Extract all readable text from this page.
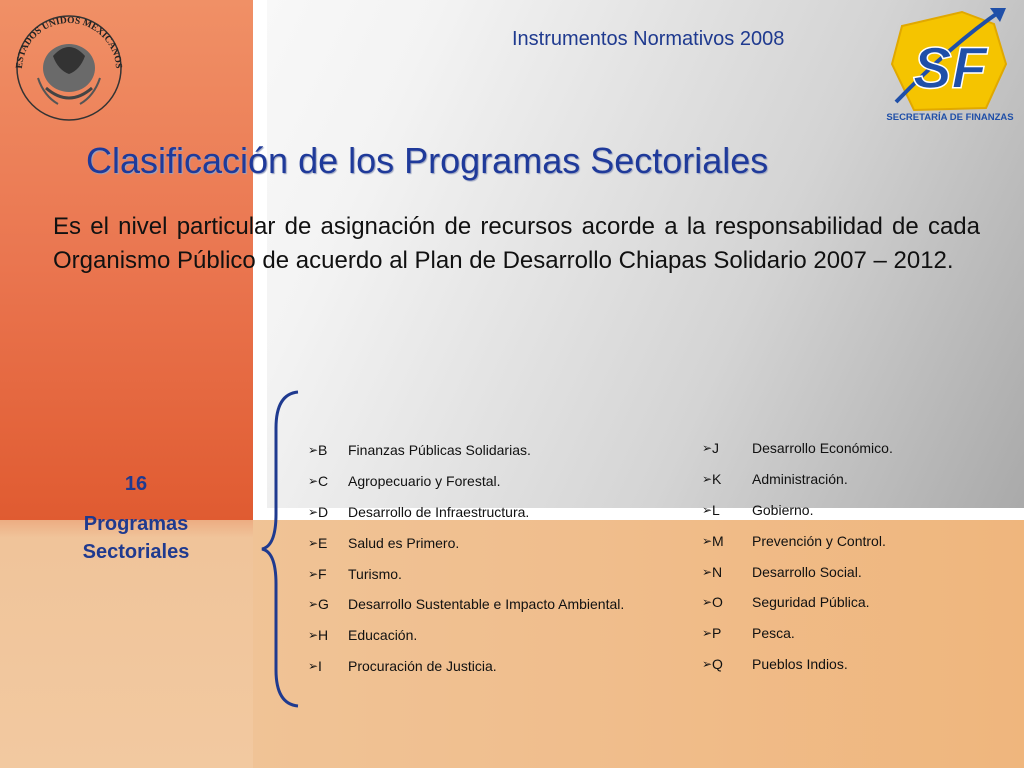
ESTADOS UNIDOS MEXICANOS
Instrumentos Normativos 2008 SF
SECRETARÍA DE FINANZAS
Clasificación de los Programas Sectoriales
Es el nivel particular de asignación de recursos acorde a la responsabilidad de cada Organismo Público de acuerdo al Plan de Desarrollo Chiapas Solidario 2007 – 2012.
16
Programas Sectoriales
➢ B	Finanzas Públicas Solidarias.
➢ C	Agropecuario y Forestal.
➢ D	Desarrollo de Infraestructura.
➢ E	Salud es Primero.
➢ F	Turismo.
➢ G	Desarrollo Sustentable e Impacto Ambiental.
➢ H	Educación.
➢ I	Procuración de Justicia.
➢ J	Desarrollo Económico.
➢ K	Administración.
➢ L	Gobierno.
➢ M	Prevención y Control.
➢ N	Desarrollo Social.
➢ O	Seguridad Pública.
➢ P	Pesca.
➢ Q	Pueblos Indios.
